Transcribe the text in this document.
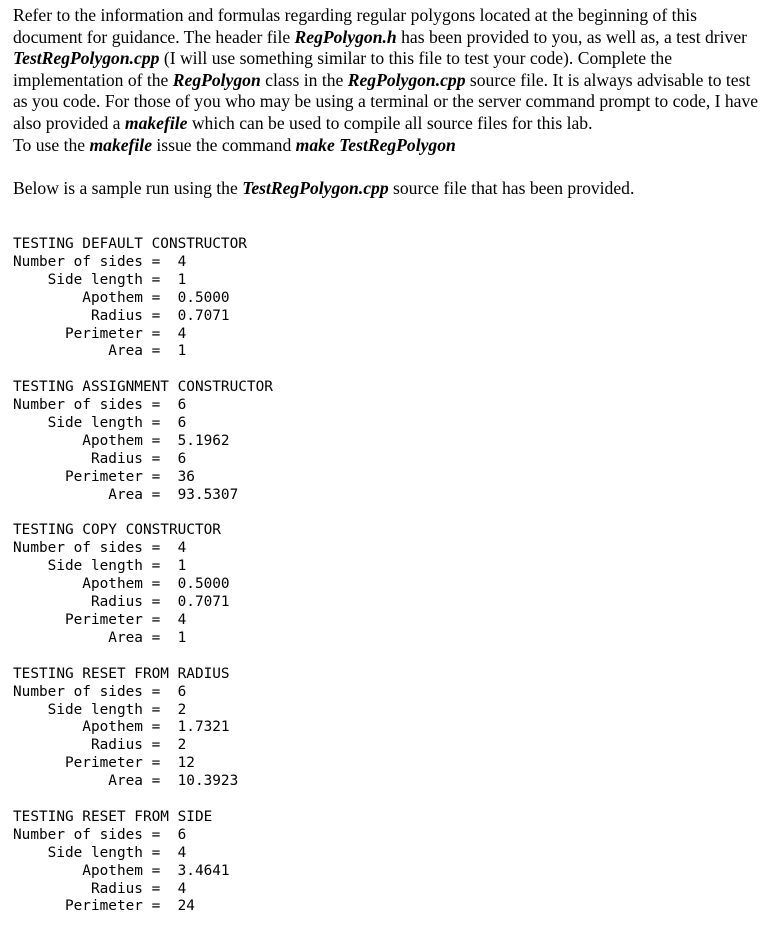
Refer to the information and formulas regarding regular polygons located at the beginning of this document for guidance. The header file RegPolygon.h has been provided to you, as well as, a test driver TestRegPolygon.cpp (I will use something similar to this file to test your code). Complete the implementation of the RegPolygon class in the RegPolygon.cpp source file. It is always advisable to test as you code. For those of you who may be using a terminal or the server command prompt to code, I have also provided a makefile which can be used to compile all source files for this lab.

To use the makefile issue the command make TestRegPolygon

Below is a sample run using the TestRegPolygon.cpp source file that has been provided.

TESTING DEFAULT CONSTRUCTOR
Number of sides =  4
Side length =  1
Apothem =  0.5000
Radius =  0.7071
Perimeter =  4
Area =  1
TESTING ASSIGNMENT CONSTRUCTOR
Number of sides =  6
Side length =  6
Apothem =  5.1962
Radius =  6
Perimeter =  36
Area =  93.5307
TESTING COPY CONSTRUCTOR
Number of sides =  4
Side length =  1
Apothem =  0.5000
Radius =  0.7071
Perimeter =  4
Area =  1
TESTING RESET FROM RADIUS
Number of sides =  6
Side length =  2
Apothem =  1.7321
Radius =  2
Perimeter =  12
Area =  10.3923
TESTING RESET FROM SIDE
Number of sides =  6
Side length =  4
Apothem =  3.4641
Radius =  4
Perimeter =  24
